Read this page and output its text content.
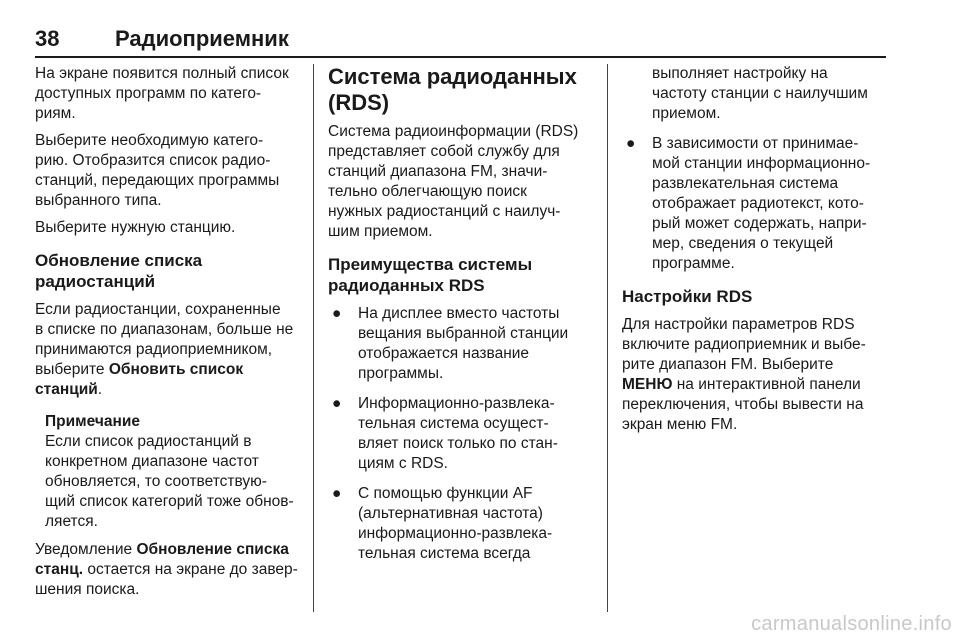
38	Радиоприемник

На экране появится полный список
доступных программ по катего-
риям.

Выберите необходимую катего-
рию. Отобразится список радио-
станций, передающих программы
выбранного типа.

Выберите нужную станцию.

Обновление списка
радиостанций

Если радиостанции, сохраненные
в списке по диапазонам, больше не
принимаются радиоприемником,
выберите Обновить список
станций.

Примечание
Если список радиостанций в
конкретном диапазоне частот
обновляется, то соответствую-
щий список категорий тоже обнов-
ляется.

Уведомление Обновление списка
станц. остается на экране до завер-
шения поиска.

Система радиоданных
(RDS)

Система радиоинформации (RDS)
представляет собой службу для
станций диапазона FM, значи-
тельно облегчающую поиск
нужных радиостанций с наилуч-
шим приемом.

Преимущества системы
радиоданных RDS
● На дисплее вместо частоты
вещания выбранной станции
отображается название
программы.
● Информационно-развлека-
тельная система осущест-
вляет поиск только по стан-
циям с RDS.
● С помощью функции AF
(альтернативная частота)
информационно-развлека-
тельная система всегда
выполняет настройку на
частоту станции с наилучшим
приемом.
● В зависимости от принимае-
мой станции информационно-
развлекательная система
отображает радиотекст, кото-
рый может содержать, напри-
мер, сведения о текущей
программе.
Настройки RDS

Для настройки параметров RDS
включите радиоприемник и выбе-
рите диапазон FM. Выберите
МЕНЮ на интерактивной панели
переключения, чтобы вывести на
экран меню FM.

carmanualsonline.info
